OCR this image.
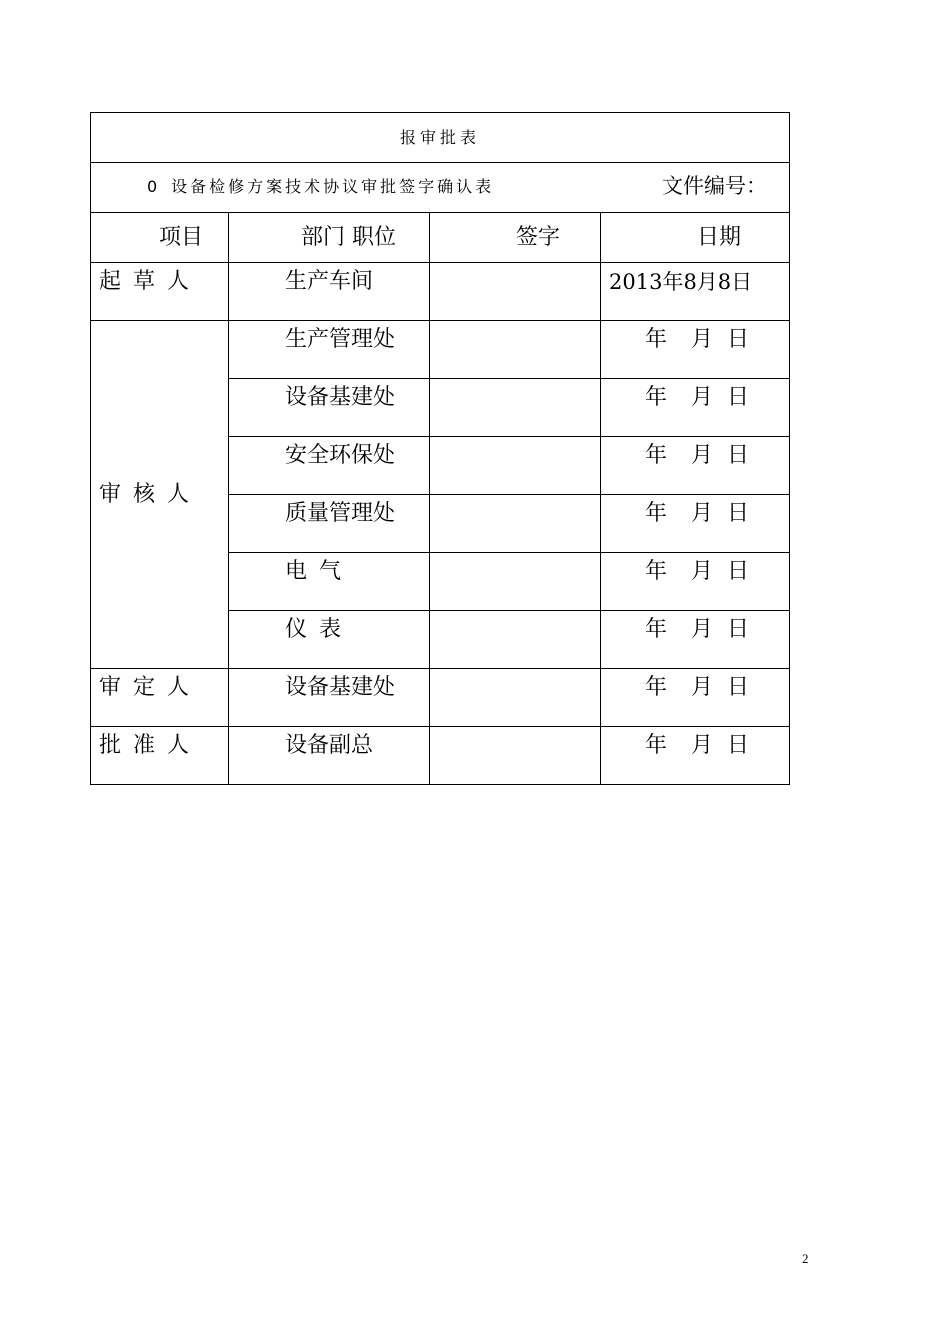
报审批表			

0 设备检修方案技术协议审批签字确认表 文件编号：			

项目	部门 职位	签字	日期
起草人	生产车间		2013年8月8日
审核人	生产管理处		年 月 日
	设备基建处		年 月 日
	安全环保处		年 月 日
	质量管理处		年 月 日
	电气		年 月 日
	仪表		年 月 日
审定人	设备基建处		年 月 日
批准人	设备副总		年 月 日
2
